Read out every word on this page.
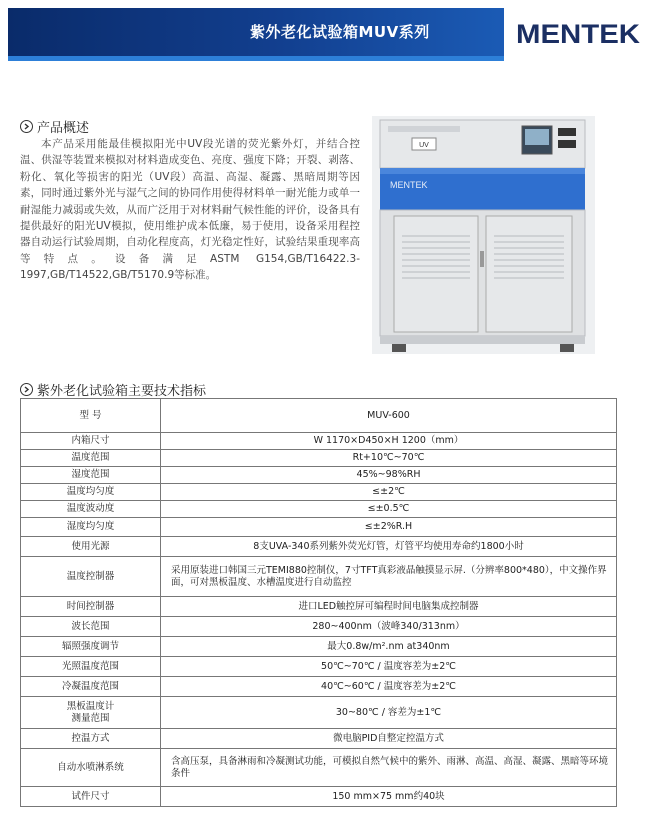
紫外老化试验箱MUV系列	MENTEK
产品概述
本产品采用能最佳模拟阳光中UV段光谱的荧光紫外灯，并结合控温、供湿等装置来模拟对材料造成变色、亮度、强度下降；开裂、剥落、粉化、氧化等损害的阳光（UV段）高温、高湿、凝露、黑暗周期等因素，同时通过紫外光与湿气之间的协同作用使得材料单一耐光能力或单一耐湿能力减弱或失效，从而广泛用于对材料耐气候性能的评价，设备具有提供最好的阳光UV模拟，使用维护成本低廉，易于使用，设备采用程控器自动运行试验周期，自动化程度高，灯光稳定性好，试验结果重现率高等特点。设备满足ASTM G154,GB/T16422.3-1997,GB/T14522,GB/T5170.9等标准。
UV
MENTEK
紫外老化试验箱主要技术指标
型 号	MUV-600
内箱尺寸	W 1170×D450×H 1200（mm）
温度范围	Rt+10℃~70℃
湿度范围	45%~98%RH
温度均匀度	≤±2℃
温度波动度	≤±0.5℃
湿度均匀度	≤±2%R.H
使用光源	8支UVA-340系列紫外荧光灯管，灯管平均使用寿命约1800小时
温度控制器	采用原装进口韩国三元TEMI880控制仪，7寸TFT真彩液晶触摸显示屏.（分辨率800*480），中文操作界面，可对黑板温度、水槽温度进行自动监控
时间控制器	进口LED触控屏可编程时间电脑集成控制器
波长范围	280~400nm（波峰340/313nm）
辐照强度调节	最大0.8w/m².nm at340nm
光照温度范围	50℃~70℃ / 温度容差为±2℃
冷凝温度范围	40℃~60℃ / 温度容差为±2℃
黑板温度计
测量范围	30~80℃ / 容差为±1℃
控温方式	微电脑PID自整定控温方式
自动水喷淋系统	含高压泵，具备淋雨和冷凝测试功能，可模拟自然气候中的紫外、雨淋、高温、高湿、凝露、黑暗等环境条件
试件尺寸	150 mm×75 mm约40块
